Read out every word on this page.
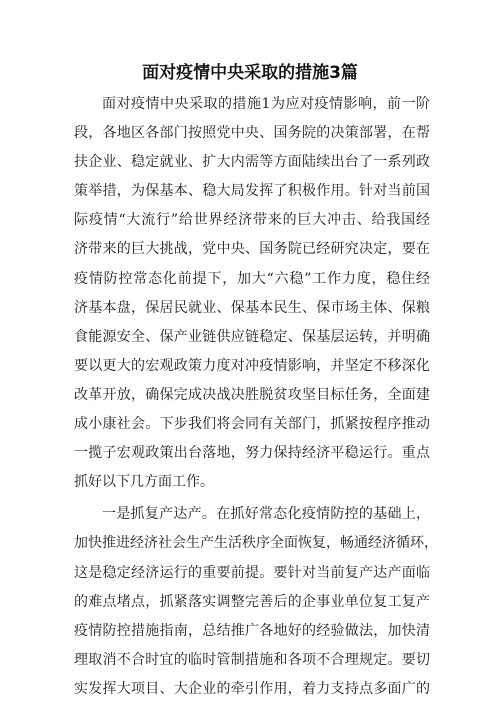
面对疫情中央采取的措施3篇

面对疫情中央采取的措施1为应对疫情影响，前一阶
段，各地区各部门按照党中央、国务院的决策部署，在帮
扶企业、稳定就业、扩大内需等方面陆续出台了一系列政
策举措，为保基本、稳大局发挥了积极作用。针对当前国
际疫情“大流行”给世界经济带来的巨大冲击、给我国经
济带来的巨大挑战，党中央、国务院已经研究决定，要在
疫情防控常态化前提下，加大“六稳”工作力度，稳住经
济基本盘，保居民就业、保基本民生、保市场主体、保粮
食能源安全、保产业链供应链稳定、保基层运转，并明确
要以更大的宏观政策力度对冲疫情影响，并坚定不移深化
改革开放，确保完成决战决胜脱贫攻坚目标任务，全面建
成小康社会。下步我们将会同有关部门，抓紧按程序推动
一揽子宏观政策出台落地，努力保持经济平稳运行。重点
抓好以下几方面工作。

一是抓复产达产。在抓好常态化疫情防控的基础上，
加快推进经济社会生产生活秩序全面恢复，畅通经济循环，
这是稳定经济运行的重要前提。要针对当前复产达产面临
的难点堵点，抓紧落实调整完善后的企事业单位复工复产
疫情防控措施指南，总结推广各地好的经验做法，加快清
理取消不合时宜的临时管制措施和各项不合理规定。要切
实发挥大项目、大企业的牵引作用，着力支持点多面广的
